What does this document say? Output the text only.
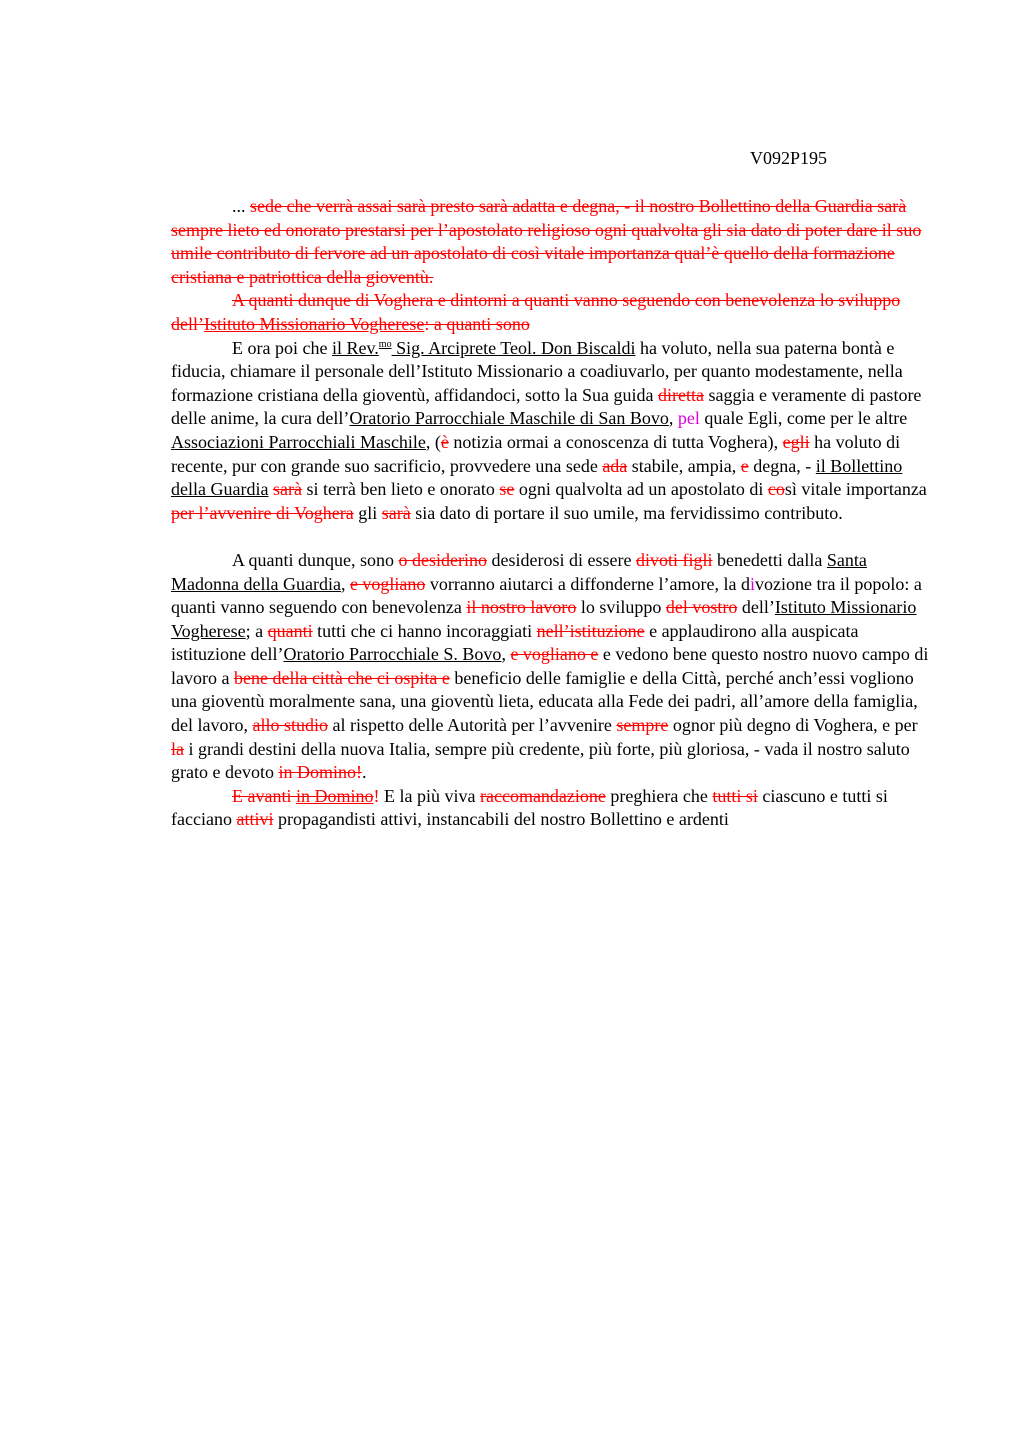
V092P195

... sede che verrà assai sarà presto sarà adatta e degna, - il nostro Bollettino della Guardia sarà sempre lieto ed onorato prestarsi per l’apostolato religioso ogni qualvolta gli sia dato di poter dare il suo umile contributo di fervore ad un apostolato di così vitale importanza qual’è quello della formazione cristiana e patriottica della gioventù.

A quanti dunque di Voghera e dintorni a quanti vanno seguendo con benevolenza lo sviluppo dell’Istituto Missionario Vogherese: a quanti sono

E ora poi che il Rev.$^{mo}$ Sig. Arciprete Teol. Don Biscaldi ha voluto, nella sua paterna bontà e fiducia, chiamare il personale dell’Istituto Missionario a coadiuvarlo, per quanto modestamente, nella formazione cristiana della gioventù, affidandoci, sotto la Sua guida diretta saggia e veramente di pastore delle anime, la cura dell’Oratorio Parrocchiale Maschile di San Bovo, pel quale Egli, come per le altre Associazioni Parrocchiali Maschile, (è notizia ormai a conoscenza di tutta Voghera), egli ha voluto di recente, pur con grande suo sacrificio, provvedere una sede ada stabile, ampia, e degna, - il Bollettino della Guardia sarà si terrà ben lieto e onorato se ogni qualvolta ad un apostolato di così vitale importanza per l’avvenire di Voghera gli sarà sia dato di portare il suo umile, ma fervidissimo contributo.

A quanti dunque, sono o desiderino desiderosi di essere divoti figli benedetti dalla Santa Madonna della Guardia, e vogliano vorranno aiutarci a diffonderne l’amore, la divozione tra il popolo: a quanti vanno seguendo con benevolenza il nostro lavoro lo sviluppo del vostro dell’Istituto Missionario Vogherese; a quanti tutti che ci hanno incoraggiati nell’istituzione e applaudirono alla auspicata istituzione dell’Oratorio Parrocchiale S. Bovo, e vogliano e e vedono bene questo nostro nuovo campo di lavoro a bene della città che ci ospita e beneficio delle famiglie e della Città, perché anch’essi vogliono una gioventù moralmente sana, una gioventù lieta, educata alla Fede dei padri, all’amore della famiglia, del lavoro, allo studio al rispetto delle Autorità per l’avvenire sempre ognor più degno di Voghera, e per la i grandi destini della nuova Italia, sempre più credente, più forte, più gloriosa, - vada il nostro saluto grato e devoto in Domino!.

E avanti in Domino! E la più viva raccomandazione preghiera che tutti si ciascuno e tutti si facciano attivi propagandisti attivi, instancabili del nostro Bollettino e ardenti
